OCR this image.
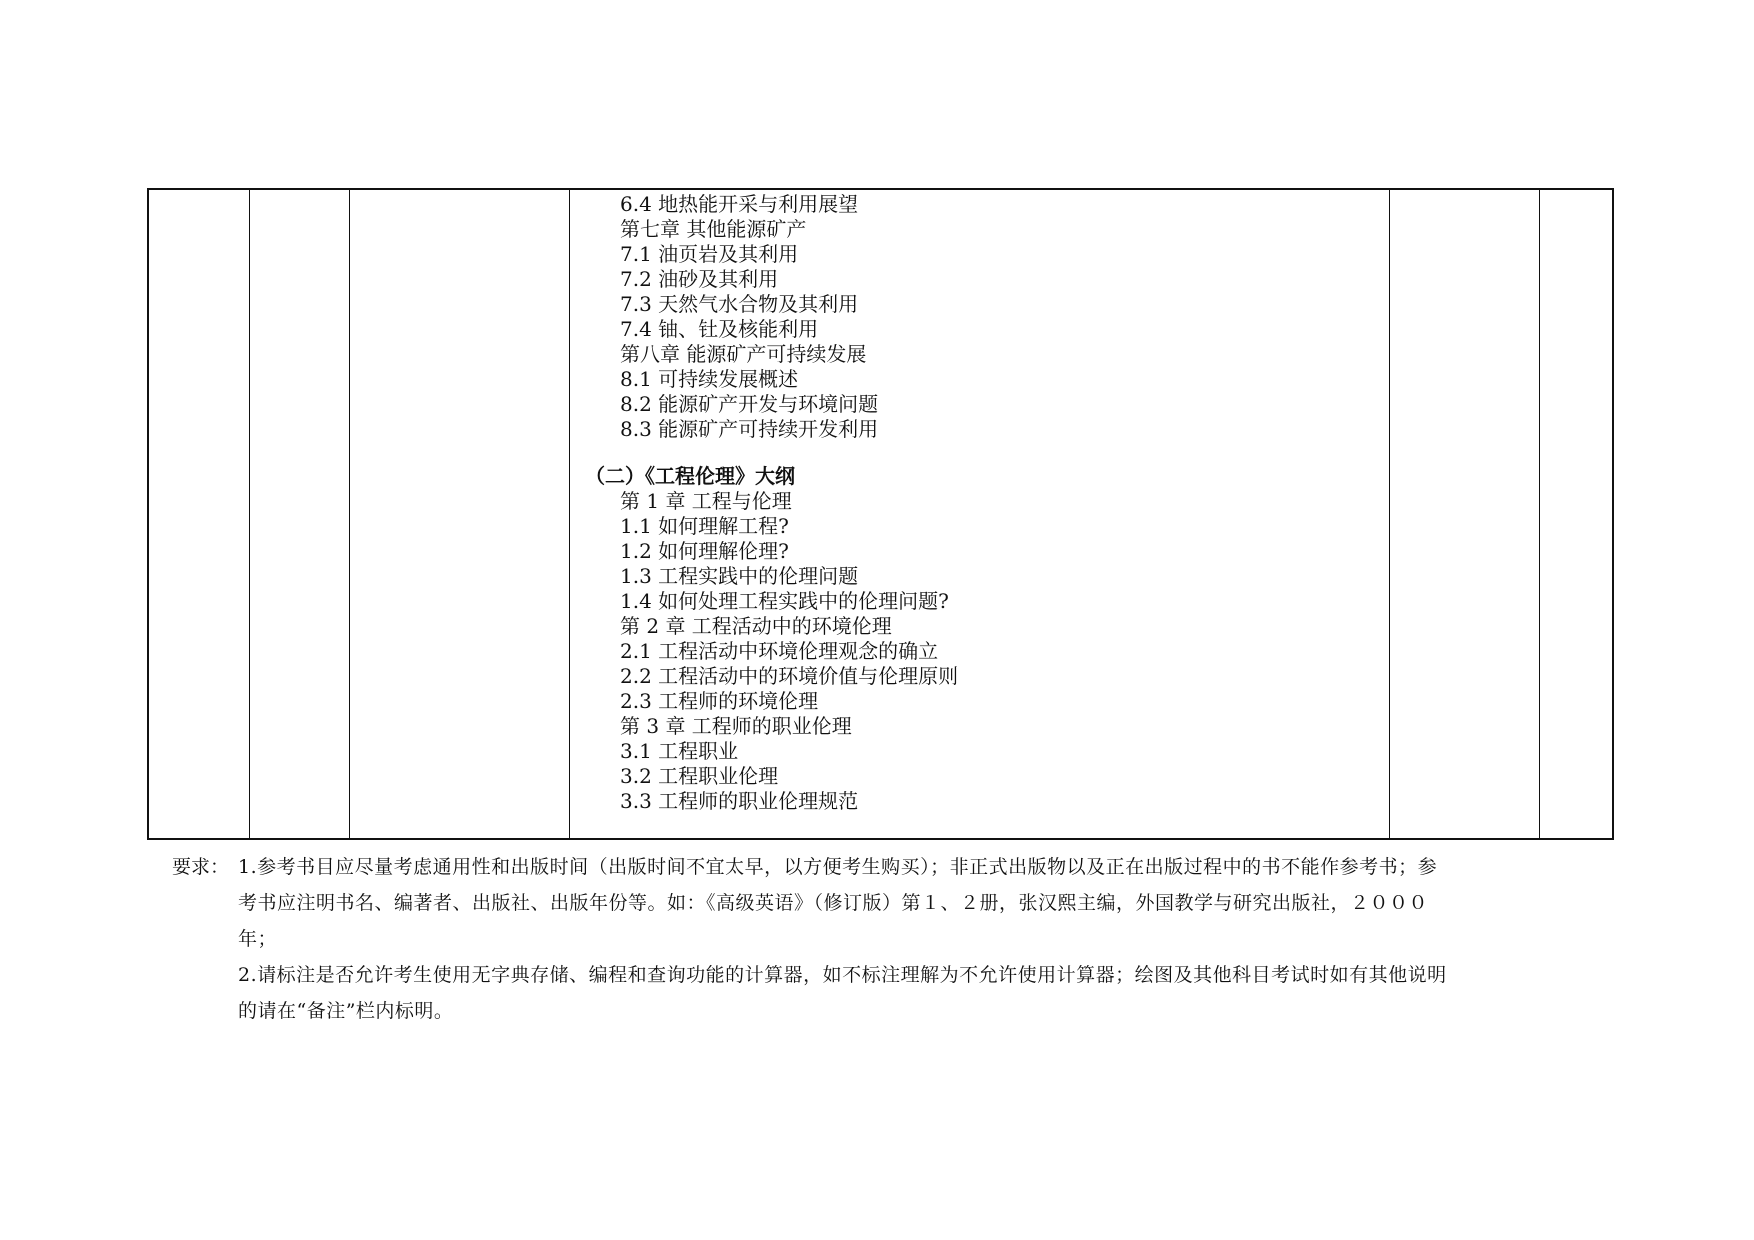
6.4 地热能开采与利用展望
第七章 其他能源矿产
7.1 油页岩及其利用
7.2 油砂及其利用
7.3 天然气水合物及其利用
7.4 铀、钍及核能利用
第八章 能源矿产可持续发展
8.1 可持续发展概述
8.2 能源矿产开发与环境问题
8.3 能源矿产可持续开发利用
（二）《工程伦理》大纲
第 1 章 工程与伦理
1.1 如何理解工程?
1.2 如何理解伦理?
1.3 工程实践中的伦理问题
1.4 如何处理工程实践中的伦理问题?
第 2 章 工程活动中的环境伦理
2.1 工程活动中环境伦理观念的确立
2.2 工程活动中的环境价值与伦理原则
2.3 工程师的环境伦理
第 3 章 工程师的职业伦理
3.1 工程职业
3.2 工程职业伦理
3.3 工程师的职业伦理规范
要求： 1.参考书目应尽量考虑通用性和出版时间（出版时间不宜太早，以方便考生购买）；非正式出版物以及正在出版过程中的书不能作参考书；参
考书应注明书名、编著者、出版社、出版年份等。如：《高级英语》（修订版）第１、２册，张汉熙主编，外国教学与研究出版社，２０００
年；
2.请标注是否允许考生使用无字典存储、编程和查询功能的计算器，如不标注理解为不允许使用计算器；绘图及其他科目考试时如有其他说明
的请在“备注”栏内标明。
